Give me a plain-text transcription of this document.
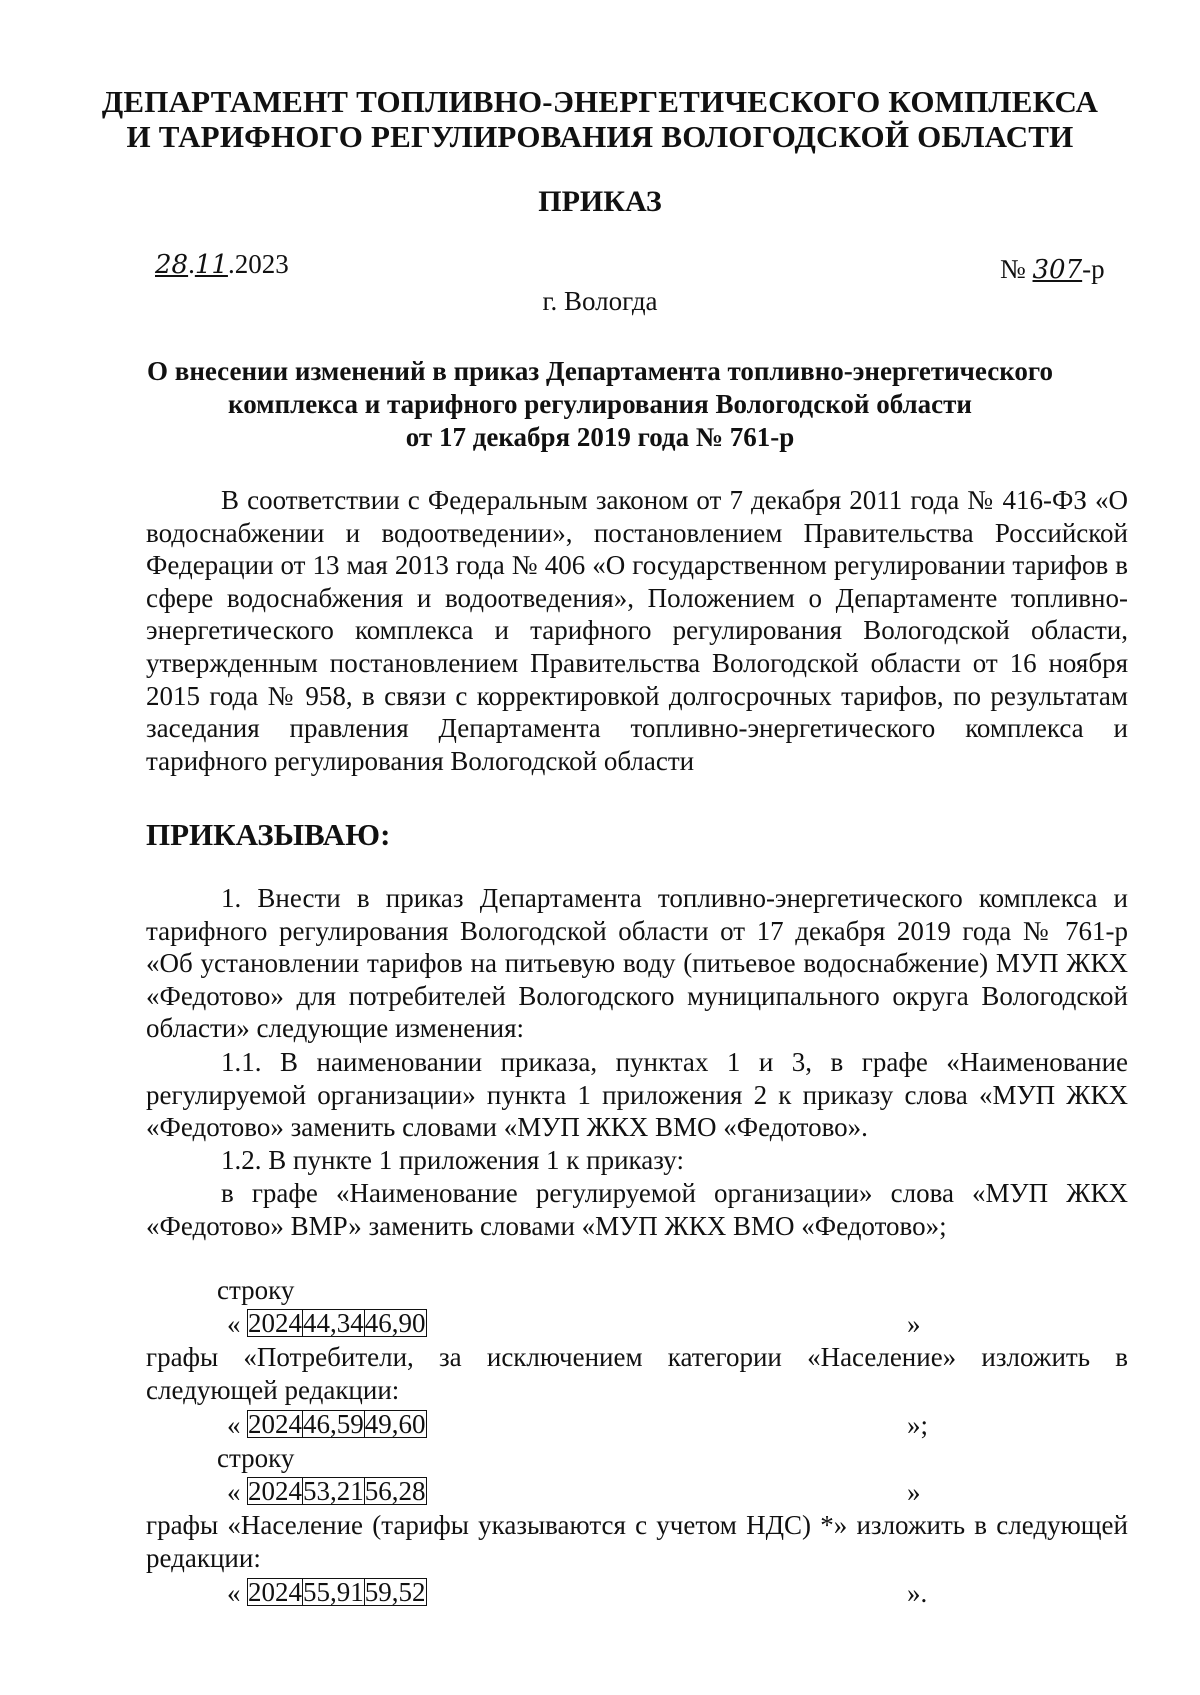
ДЕПАРТАМЕНТ ТОПЛИВНО-ЭНЕРГЕТИЧЕСКОГО КОМПЛЕКСА
И ТАРИФНОГО РЕГУЛИРОВАНИЯ ВОЛОГОДСКОЙ ОБЛАСТИ
ПРИКАЗ
28.11.2023	№ 307-р
г. Вологда
О внесении изменений в приказ Департамента топливно-энергетического
комплекса и тарифного регулирования Вологодской области
от 17 декабря 2019 года № 761-р
В соответствии с Федеральным законом от 7 декабря 2011 года № 416-ФЗ «О водоснабжении и водоотведении», постановлением Правительства Российской Федерации от 13 мая 2013 года № 406 «О государственном регулировании тарифов в сфере водоснабжения и водоотведения», Положением о Департаменте топливно-энергетического комплекса и тарифного регулирования Вологодской области, утвержденным постановлением Правительства Вологодской области от 16 ноября 2015 года № 958, в связи с корректировкой долгосрочных тарифов, по результатам заседания правления Департамента топливно-энергетического комплекса и тарифного регулирования Вологодской области
ПРИКАЗЫВАЮ:
1. Внести в приказ Департамента топливно-энергетического комплекса и тарифного регулирования Вологодской области от 17 декабря 2019 года № 761-р «Об установлении тарифов на питьевую воду (питьевое водоснабжение) МУП ЖКХ «Федотово» для потребителей Вологодского муниципального округа Вологодской области» следующие изменения:
1.1. В наименовании приказа, пунктах 1 и 3, в графе «Наименование регулируемой организации» пункта 1 приложения 2 к приказу слова «МУП ЖКХ «Федотово» заменить словами «МУП ЖКХ ВМО «Федотово».
1.2. В пункте 1 приложения 1 к приказу:
в графе «Наименование регулируемой организации» слова «МУП ЖКХ «Федотово» ВМР» заменить словами «МУП ЖКХ ВМО «Федотово»;
строку
« 2024	44,34	46,90	»
графы «Потребители, за исключением категории «Население» изложить в следующей редакции:
« 2024	46,59	49,60	»;
строку
« 2024	53,21	56,28	»
графы «Население (тарифы указываются с учетом НДС) *» изложить в следующей редакции:
« 2024	55,91	59,52	».
